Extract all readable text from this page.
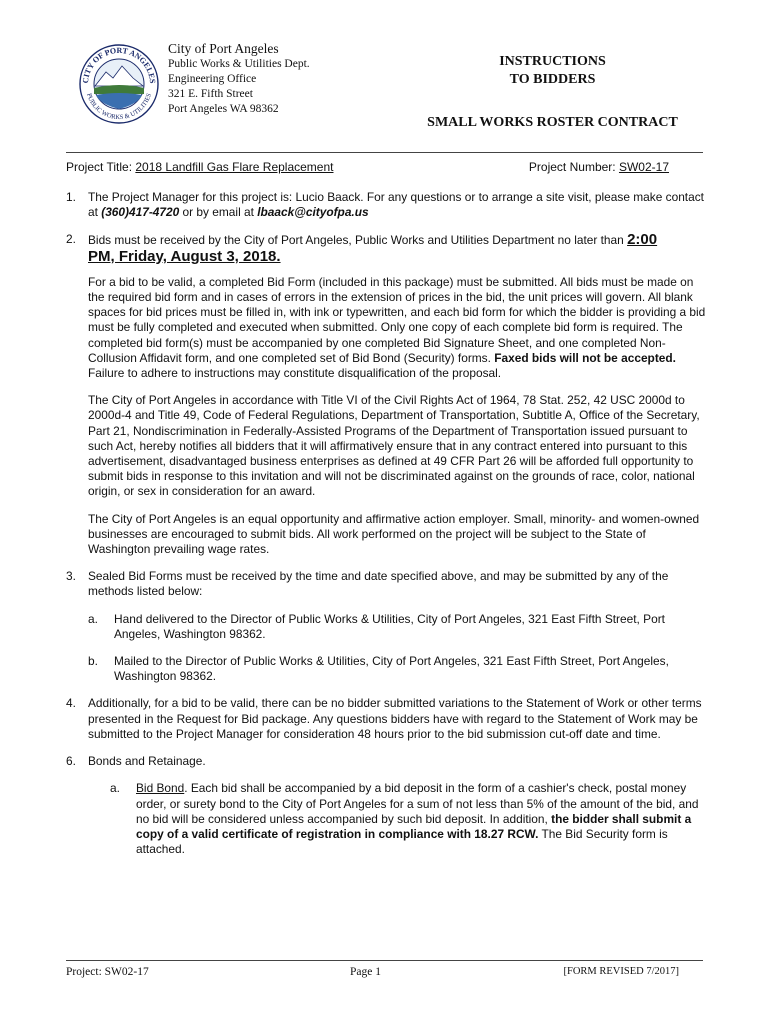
CITY OF PORT ANGELES
PUBLIC WORKS & UTILITIES
City of Port Angeles
Public Works & Utilities Dept.
Engineering Office
321 E. Fifth Street
Port Angeles WA 98362
INSTRUCTIONS
TO BIDDERS
SMALL WORKS ROSTER CONTRACT
Project Title: 2018 Landfill Gas Flare Replacement	Project Number: SW02-17
1. The Project Manager for this project is: Lucio Baack. For any questions or to arrange a site visit, please make contact at (360)417-4720 or by email at lbaack@cityofpa.us
2. Bids must be received by the City of Port Angeles, Public Works and Utilities Department no later than 2:00
PM, Friday, August 3, 2018.
For a bid to be valid, a completed Bid Form (included in this package) must be submitted. All bids must be made on the required bid form and in cases of errors in the extension of prices in the bid, the unit prices will govern. All blank spaces for bid prices must be filled in, with ink or typewritten, and each bid form for which the bidder is providing a bid must be fully completed and executed when submitted. Only one copy of each complete bid form is required. The completed bid form(s) must be accompanied by one completed Bid Signature Sheet, and one completed Non-Collusion Affidavit form, and one completed set of Bid Bond (Security) forms. Faxed bids will not be accepted. Failure to adhere to instructions may constitute disqualification of the proposal.
The City of Port Angeles in accordance with Title VI of the Civil Rights Act of 1964, 78 Stat. 252, 42 USC 2000d to 2000d-4 and Title 49, Code of Federal Regulations, Department of Transportation, Subtitle A, Office of the Secretary, Part 21, Nondiscrimination in Federally-Assisted Programs of the Department of Transportation issued pursuant to such Act, hereby notifies all bidders that it will affirmatively ensure that in any contract entered into pursuant to this advertisement, disadvantaged business enterprises as defined at 49 CFR Part 26 will be afforded full opportunity to submit bids in response to this invitation and will not be discriminated against on the grounds of race, color, national origin, or sex in consideration for an award.
The City of Port Angeles is an equal opportunity and affirmative action employer. Small, minority- and women-owned businesses are encouraged to submit bids. All work performed on the project will be subject to the State of Washington prevailing wage rates.
3. Sealed Bid Forms must be received by the time and date specified above, and may be submitted by any of the methods listed below:
a. Hand delivered to the Director of Public Works & Utilities, City of Port Angeles, 321 East Fifth Street, Port Angeles, Washington 98362.
b. Mailed to the Director of Public Works & Utilities, City of Port Angeles, 321 East Fifth Street, Port Angeles, Washington 98362.
4. Additionally, for a bid to be valid, there can be no bidder submitted variations to the Statement of Work or other terms presented in the Request for Bid package. Any questions bidders have with regard to the Statement of Work may be submitted to the Project Manager for consideration 48 hours prior to the bid submission cut-off date and time.
6. Bonds and Retainage.
a. Bid Bond. Each bid shall be accompanied by a bid deposit in the form of a cashier's check, postal money order, or surety bond to the City of Port Angeles for a sum of not less than 5% of the amount of the bid, and no bid will be considered unless accompanied by such bid deposit. In addition, the bidder shall submit a copy of a valid certificate of registration in compliance with 18.27 RCW. The Bid Security form is attached.
Project: SW02-17	Page 1	[FORM REVISED 7/2017]
